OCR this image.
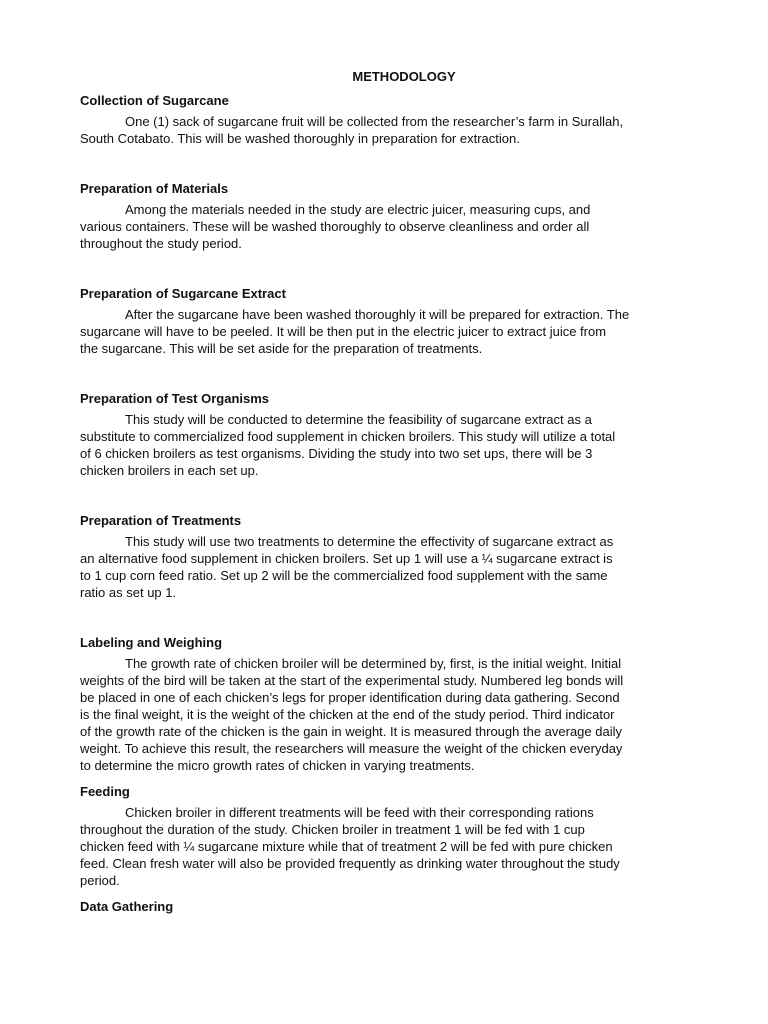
METHODOLOGY
Collection of Sugarcane

One (1) sack of sugarcane fruit will be collected from the researcher’s farm in Surallah,
South Cotabato. This will be washed thoroughly in preparation for extraction.

Preparation of Materials

Among the materials needed in the study are electric juicer, measuring cups, and
various containers. These will be washed thoroughly to observe cleanliness and order all
throughout the study period.

Preparation of Sugarcane Extract

After the sugarcane have been washed thoroughly it will be prepared for extraction. The
sugarcane will have to be peeled. It will be then put in the electric juicer to extract juice from
the sugarcane. This will be set aside for the preparation of treatments.

Preparation of Test Organisms

This study will be conducted to determine the feasibility of sugarcane extract as a
substitute to commercialized food supplement in chicken broilers. This study will utilize a total
of 6 chicken broilers as test organisms. Dividing the study into two set ups, there will be 3
chicken broilers in each set up.

Preparation of Treatments

This study will use two treatments to determine the effectivity of sugarcane extract as
an alternative food supplement in chicken broilers. Set up 1 will use a ¼ sugarcane extract is
to 1 cup corn feed ratio. Set up 2 will be the commercialized food supplement with the same
ratio as set up 1.

Labeling and Weighing

The growth rate of chicken broiler will be determined by, first, is the initial weight. Initial
weights of the bird will be taken at the start of the experimental study. Numbered leg bonds will
be placed in one of each chicken’s legs for proper identification during data gathering. Second
is the final weight, it is the weight of the chicken at the end of the study period. Third indicator
of the growth rate of the chicken is the gain in weight. It is measured through the average daily
weight. To achieve this result, the researchers will measure the weight of the chicken everyday
to determine the micro growth rates of chicken in varying treatments.

Feeding

Chicken broiler in different treatments will be feed with their corresponding rations
throughout the duration of the study. Chicken broiler in treatment 1 will be fed with 1 cup
chicken feed with ¼ sugarcane mixture while that of treatment 2 will be fed with pure chicken
feed. Clean fresh water will also be provided frequently as drinking water throughout the study
period.

Data Gathering
